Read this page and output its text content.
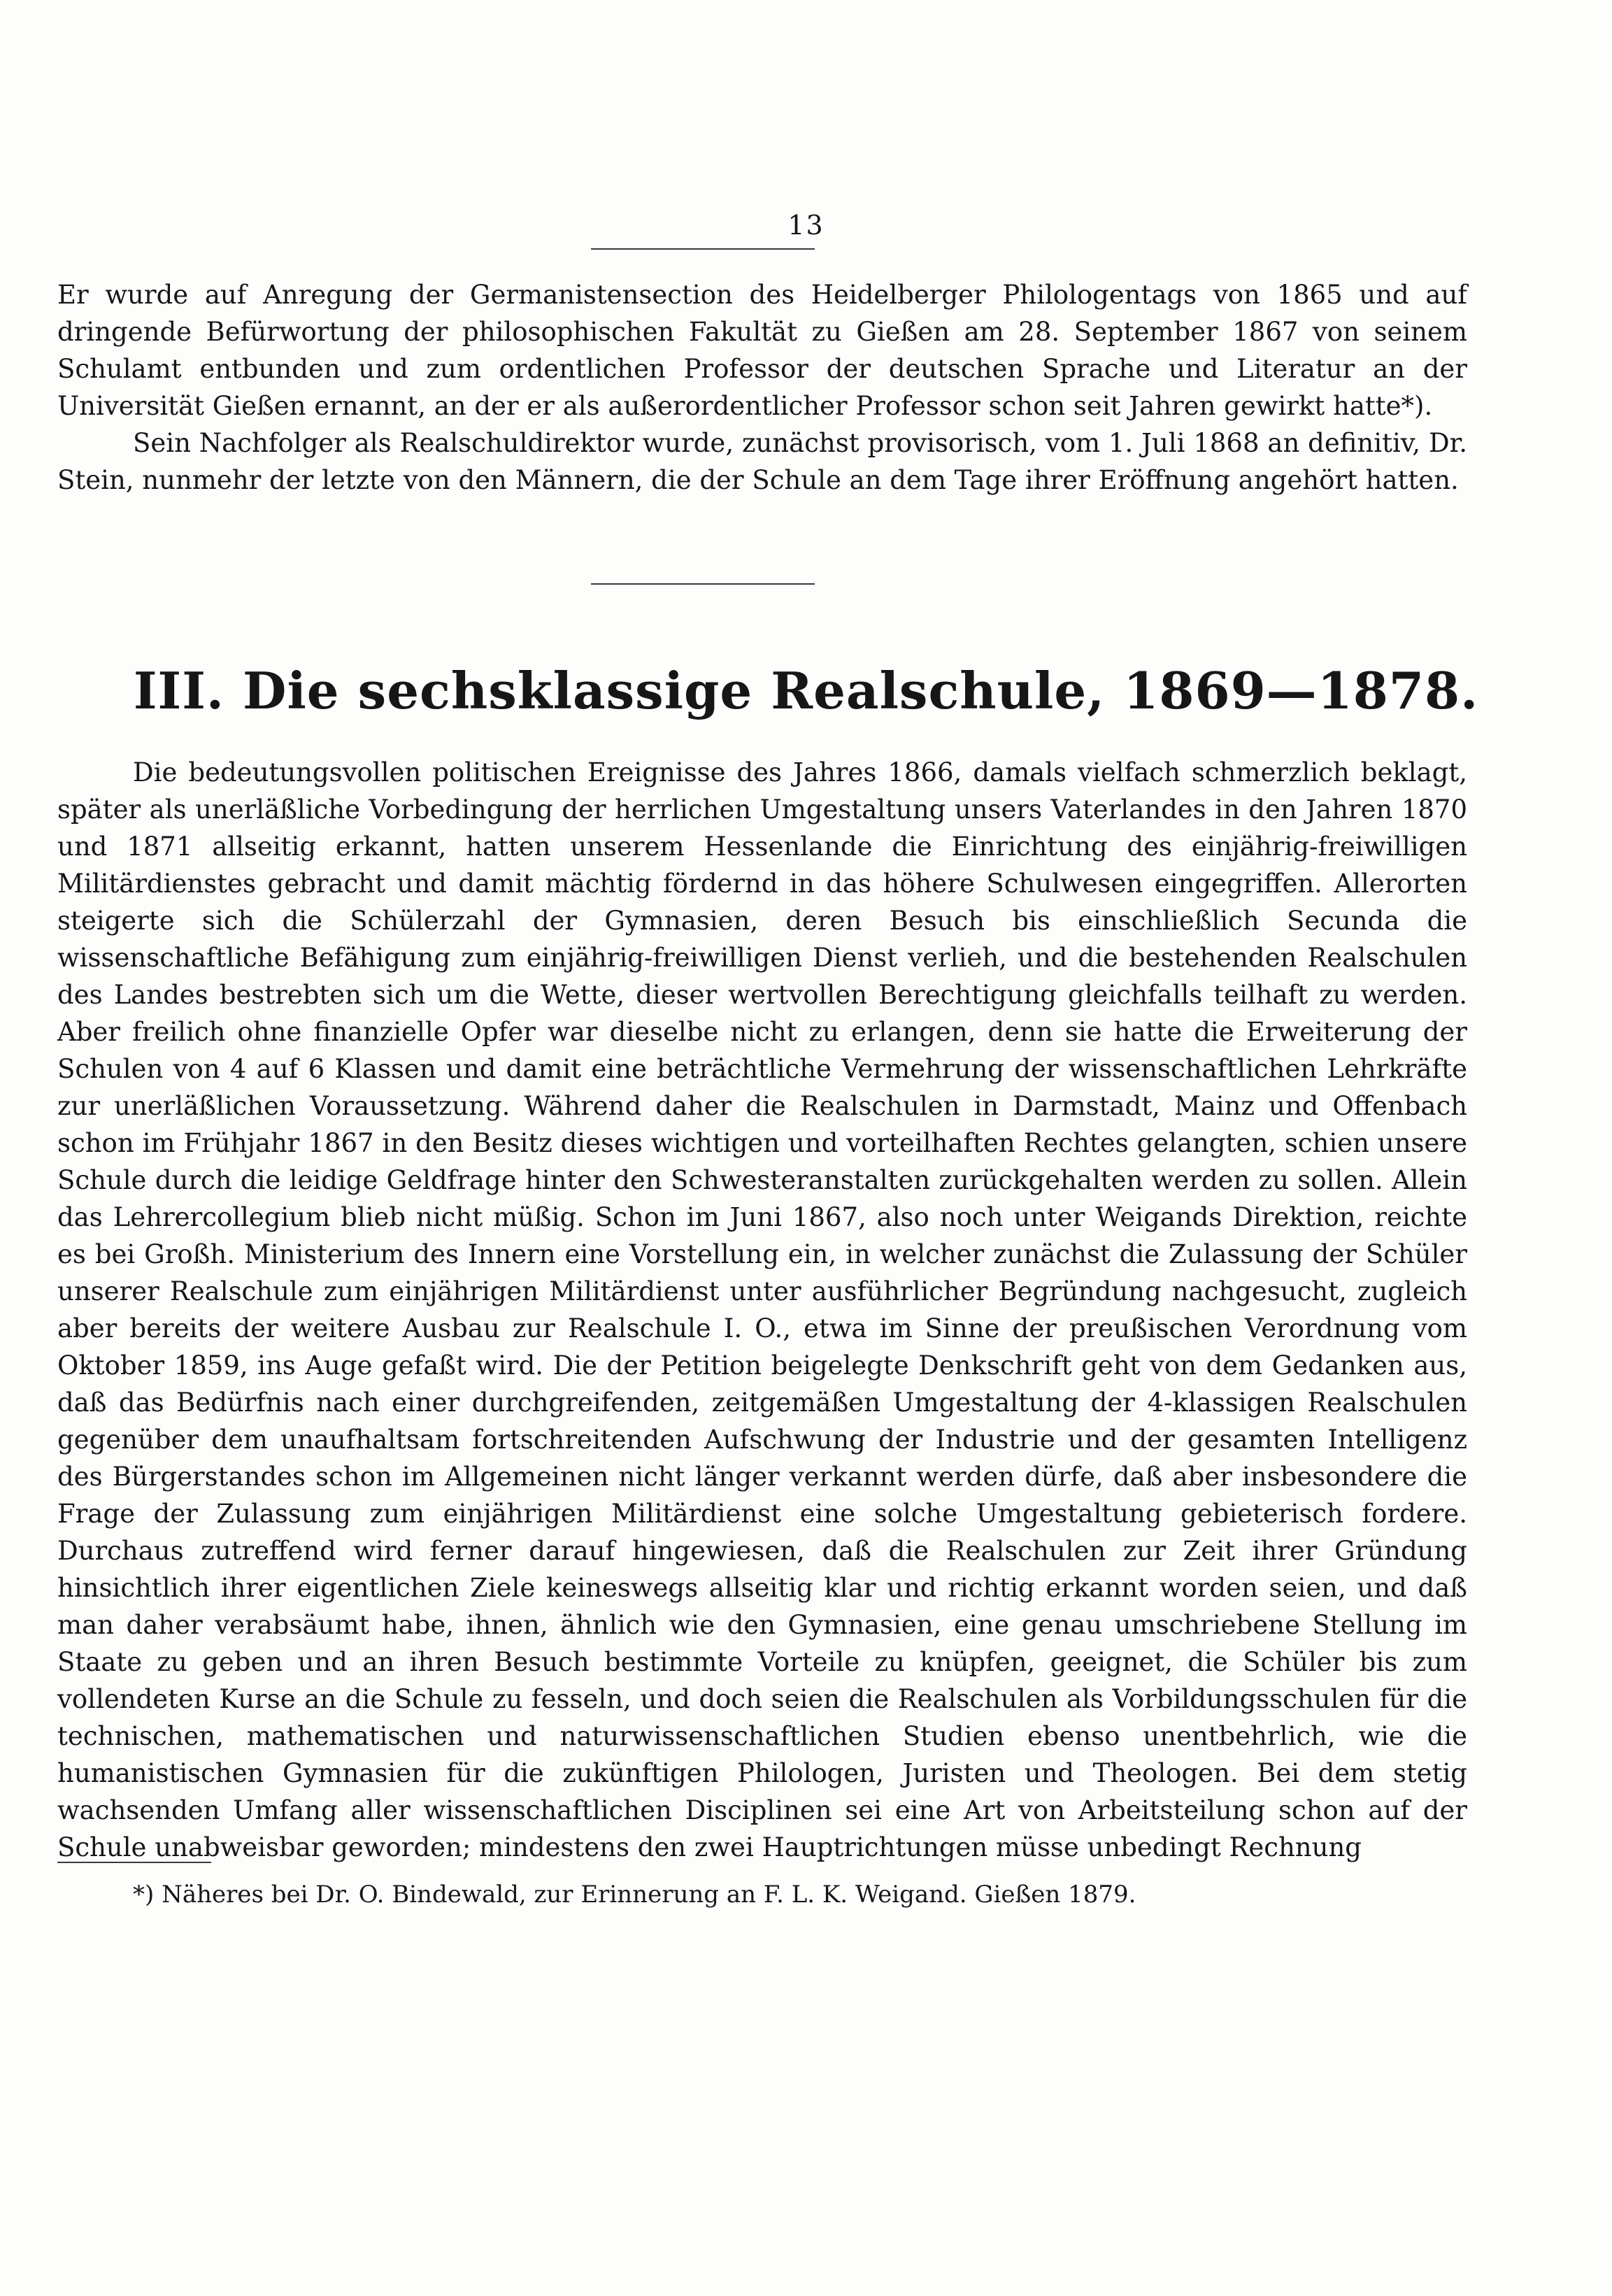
13

Er wurde auf Anregung der Germanistensection des Heidelberger Philologentags von 1865 und auf dringende Befürwortung der philosophischen Fakultät zu Gießen am 28. September 1867 von seinem Schulamt entbunden und zum ordentlichen Professor der deutschen Sprache und Literatur an der Universität Gießen ernannt, an der er als außerordentlicher Professor schon seit Jahren gewirkt hatte*).

Sein Nachfolger als Realschuldirektor wurde, zunächst provisorisch, vom 1. Juli 1868 an definitiv, Dr. Stein, nunmehr der letzte von den Männern, die der Schule an dem Tage ihrer Eröffnung angehört hatten.

III. Die sechsklassige Realschule, 1869—1878.

Die bedeutungsvollen politischen Ereignisse des Jahres 1866, damals vielfach schmerzlich beklagt, später als unerläßliche Vorbedingung der herrlichen Umgestaltung unsers Vaterlandes in den Jahren 1870 und 1871 allseitig erkannt, hatten unserem Hessenlande die Einrichtung des einjährig-freiwilligen Militärdienstes gebracht und damit mächtig fördernd in das höhere Schulwesen eingegriffen. Allerorten steigerte sich die Schülerzahl der Gymnasien, deren Besuch bis einschließlich Secunda die wissenschaftliche Befähigung zum einjährig-freiwilligen Dienst verlieh, und die bestehenden Realschulen des Landes bestrebten sich um die Wette, dieser wertvollen Berechtigung gleichfalls teilhaft zu werden. Aber freilich ohne finanzielle Opfer war dieselbe nicht zu erlangen, denn sie hatte die Erweiterung der Schulen von 4 auf 6 Klassen und damit eine beträchtliche Vermehrung der wissenschaftlichen Lehrkräfte zur unerläßlichen Voraussetzung. Während daher die Realschulen in Darmstadt, Mainz und Offenbach schon im Frühjahr 1867 in den Besitz dieses wichtigen und vorteilhaften Rechtes gelangten, schien unsere Schule durch die leidige Geldfrage hinter den Schwesteranstalten zurückgehalten werden zu sollen. Allein das Lehrercollegium blieb nicht müßig. Schon im Juni 1867, also noch unter Weigands Direktion, reichte es bei Großh. Ministerium des Innern eine Vorstellung ein, in welcher zunächst die Zulassung der Schüler unserer Realschule zum einjährigen Militärdienst unter ausführlicher Begründung nachgesucht, zugleich aber bereits der weitere Ausbau zur Realschule I. O., etwa im Sinne der preußischen Verordnung vom Oktober 1859, ins Auge gefaßt wird. Die der Petition beigelegte Denkschrift geht von dem Gedanken aus, daß das Bedürfnis nach einer durchgreifenden, zeitgemäßen Umgestaltung der 4-klassigen Realschulen gegenüber dem unaufhaltsam fortschreitenden Aufschwung der Industrie und der gesamten Intelligenz des Bürgerstandes schon im Allgemeinen nicht länger verkannt werden dürfe, daß aber insbesondere die Frage der Zulassung zum einjährigen Militärdienst eine solche Umgestaltung gebieterisch fordere. Durchaus zutreffend wird ferner darauf hingewiesen, daß die Realschulen zur Zeit ihrer Gründung hinsichtlich ihrer eigentlichen Ziele keineswegs allseitig klar und richtig erkannt worden seien, und daß man daher verabsäumt habe, ihnen, ähnlich wie den Gymnasien, eine genau umschriebene Stellung im Staate zu geben und an ihren Besuch bestimmte Vorteile zu knüpfen, geeignet, die Schüler bis zum vollendeten Kurse an die Schule zu fesseln, und doch seien die Realschulen als Vorbildungsschulen für die technischen, mathematischen und naturwissenschaftlichen Studien ebenso unentbehrlich, wie die humanistischen Gymnasien für die zukünftigen Philologen, Juristen und Theologen. Bei dem stetig wachsenden Umfang aller wissenschaftlichen Disciplinen sei eine Art von Arbeitsteilung schon auf der Schule unabweisbar geworden; mindestens den zwei Hauptrichtungen müsse unbedingt Rechnung

*) Näheres bei Dr. O. Bindewald, zur Erinnerung an F. L. K. Weigand. Gießen 1879.
